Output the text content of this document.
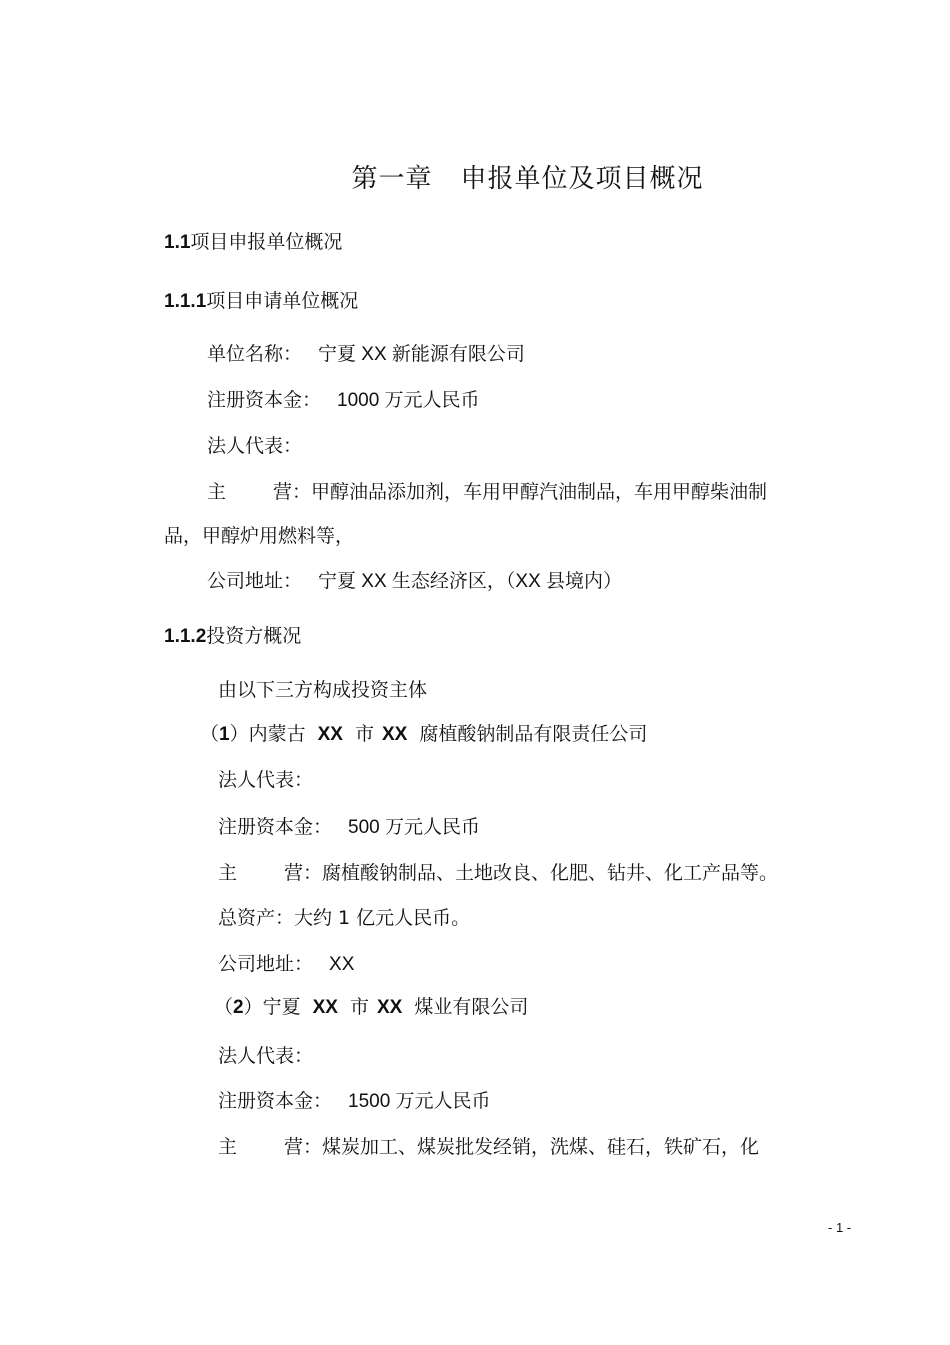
第一章 申报单位及项目概况
1.1项目申报单位概况
1.1.1项目申请单位概况
单位名称： 宁夏 XX 新能源有限公司
注册资本金： 1000 万元人民币
法人代表：
主 营：甲醇油品添加剂，车用甲醇汽油制品，车用甲醇柴油制
品，甲醇炉用燃料等，
公司地址： 宁夏 XX 生态经济区，（XX 县境内）
1.1.2投资方概况
由以下三方构成投资主体
（1）内蒙古 XX 市 XX 腐植酸钠制品有限责任公司
法人代表：
注册资本金： 500 万元人民币
主 营：腐植酸钠制品、土地改良、化肥、钻井、化工产品等。
总资产：大约 1 亿元人民币。
公司地址： XX
（2）宁夏 XX 市 XX 煤业有限公司
法人代表：
注册资本金： 1500 万元人民币
主 营：煤炭加工、煤炭批发经销，洗煤、硅石，铁矿石，化
- 1 -
